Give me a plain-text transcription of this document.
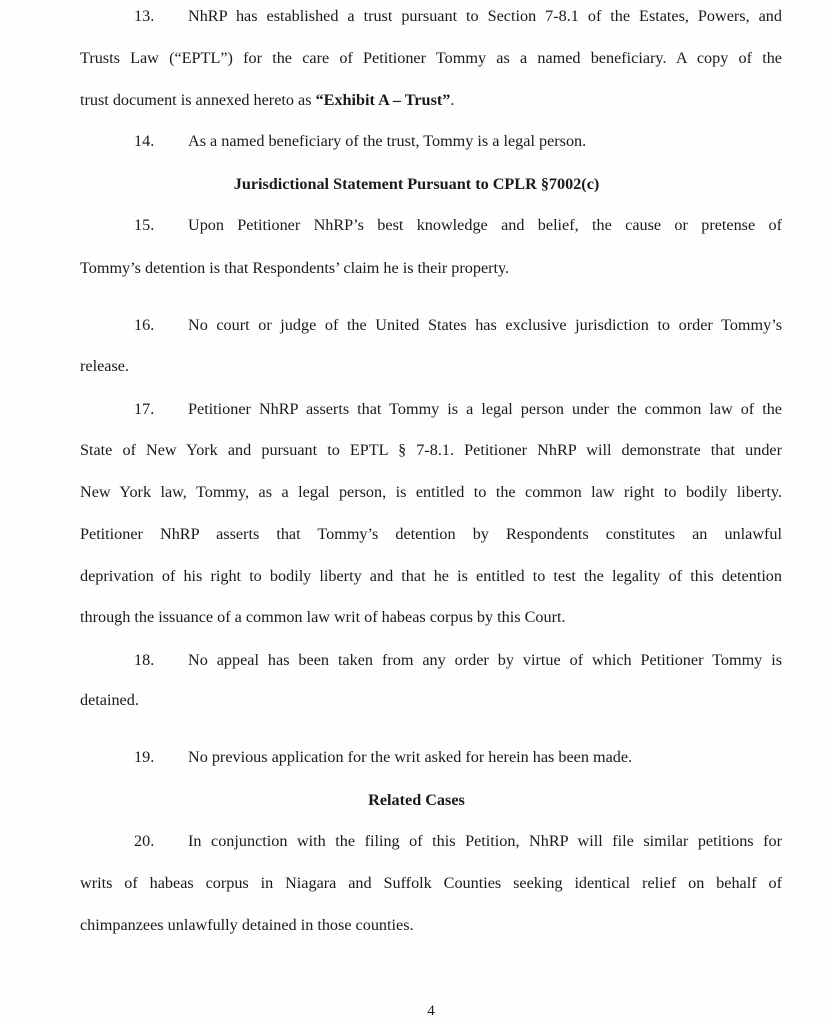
13. NhRP has established a trust pursuant to Section 7-8.1 of the Estates, Powers, and
Trusts Law (“EPTL”) for the care of Petitioner Tommy as a named beneficiary. A copy of the
trust document is annexed hereto as “Exhibit A – Trust”.
14. As a named beneficiary of the trust, Tommy is a legal person.
Jurisdictional Statement Pursuant to CPLR §7002(c)
15. Upon Petitioner NhRP’s best knowledge and belief, the cause or pretense of
Tommy’s detention is that Respondents’ claim he is their property.
16. No court or judge of the United States has exclusive jurisdiction to order Tommy’s
release.
17. Petitioner NhRP asserts that Tommy is a legal person under the common law of the
State of New York and pursuant to EPTL § 7-8.1. Petitioner NhRP will demonstrate that under
New York law, Tommy, as a legal person, is entitled to the common law right to bodily liberty.
Petitioner NhRP asserts that Tommy’s detention by Respondents constitutes an unlawful
deprivation of his right to bodily liberty and that he is entitled to test the legality of this detention
through the issuance of a common law writ of habeas corpus by this Court.
18. No appeal has been taken from any order by virtue of which Petitioner Tommy is
detained.
19. No previous application for the writ asked for herein has been made.
Related Cases
20. In conjunction with the filing of this Petition, NhRP will file similar petitions for
writs of habeas corpus in Niagara and Suffolk Counties seeking identical relief on behalf of
chimpanzees unlawfully detained in those counties.
4
